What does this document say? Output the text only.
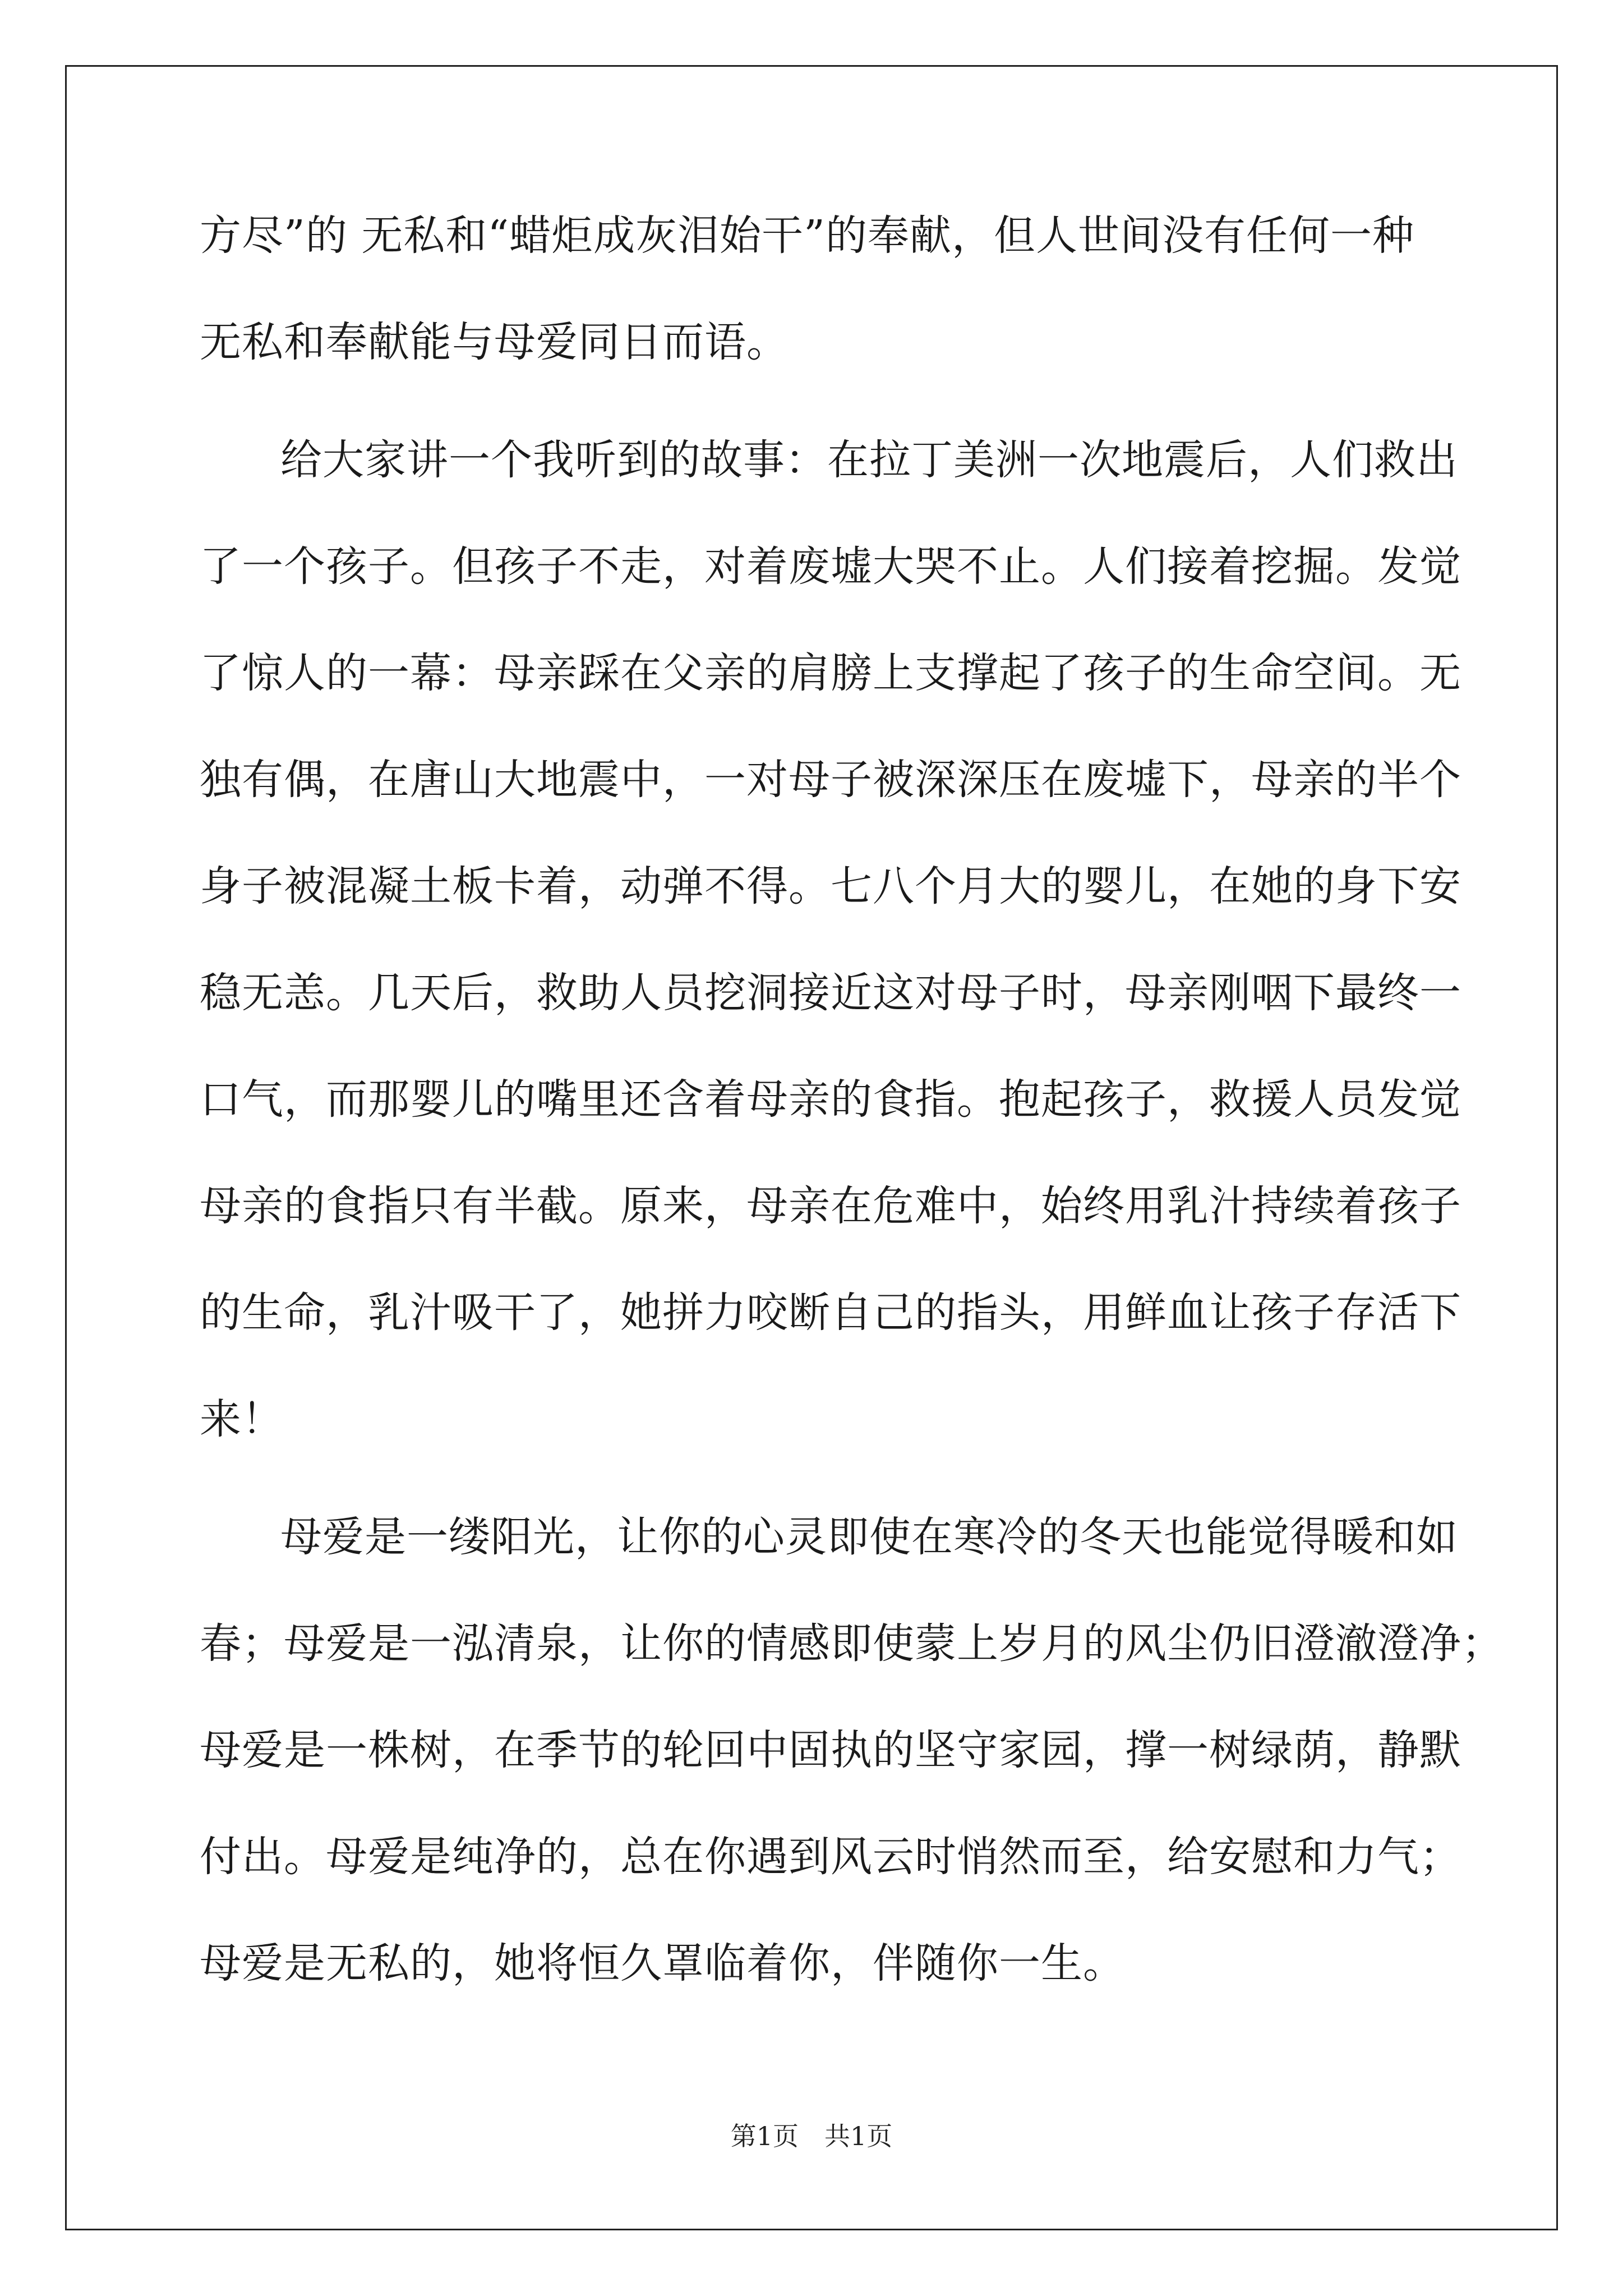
方尽”的 无私和“蜡炬成灰泪始干”的奉献，但人世间没有任何一种
无私和奉献能与母爱同日而语。
给大家讲一个我听到的故事：在拉丁美洲一次地震后，人们救出
了一个孩子。但孩子不走，对着废墟大哭不止。人们接着挖掘。发觉
了惊人的一幕：母亲踩在父亲的肩膀上支撑起了孩子的生命空间。无
独有偶，在唐山大地震中，一对母子被深深压在废墟下，母亲的半个
身子被混凝土板卡着，动弹不得。七八个月大的婴儿，在她的身下安
稳无恙。几天后，救助人员挖洞接近这对母子时，母亲刚咽下最终一
口气，而那婴儿的嘴里还含着母亲的食指。抱起孩子，救援人员发觉
母亲的食指只有半截。原来，母亲在危难中，始终用乳汁持续着孩子
的生命，乳汁吸干了，她拼力咬断自己的指头，用鲜血让孩子存活下
来！
母爱是一缕阳光，让你的心灵即使在寒冷的冬天也能觉得暖和如
春；母爱是一泓清泉，让你的情感即使蒙上岁月的风尘仍旧澄澈澄净；
母爱是一株树，在季节的轮回中固执的坚守家园，撑一树绿荫，静默
付出。母爱是纯净的，总在你遇到风云时悄然而至，给安慰和力气；
母爱是无私的，她将恒久罩临着你，伴随你一生。
第1页　共1页
